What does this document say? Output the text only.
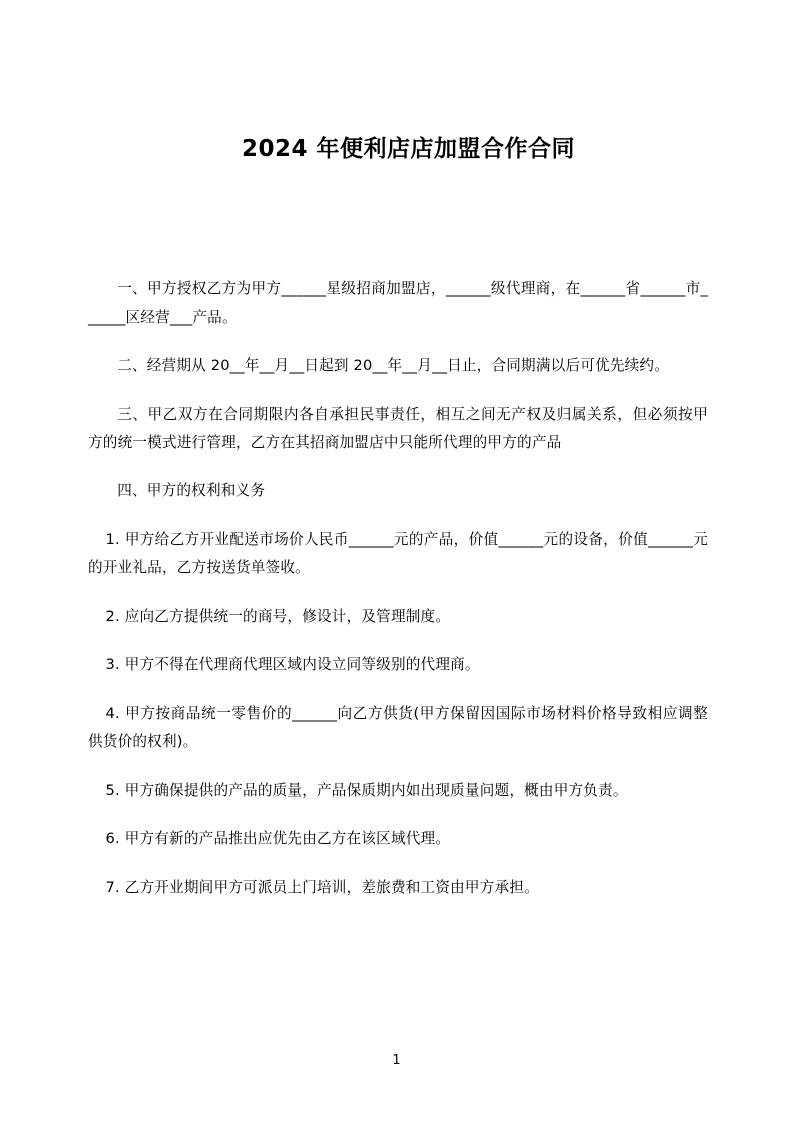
2024 年便利店店加盟合作合同

一、甲方授权乙方为甲方______星级招商加盟店，______级代理商，在______省______市______区经营___产品。

二、经营期从 20__年__月__日起到 20__年__月__日止，合同期满以后可优先续约。

三、甲乙双方在合同期限内各自承担民事责任，相互之间无产权及归属关系，但必须按甲方的统一模式进行管理，乙方在其招商加盟店中只能所代理的甲方的产品

四、甲方的权利和义务

1. 甲方给乙方开业配送市场价人民币______元的产品，价值______元的设备，价值______元的开业礼品，乙方按送货单签收。

2. 应向乙方提供统一的商号，修设计，及管理制度。

3. 甲方不得在代理商代理区域内设立同等级别的代理商。

4. 甲方按商品统一零售价的______向乙方供货(甲方保留因国际市场材料价格导致相应调整供货价的权利)。

5. 甲方确保提供的产品的质量，产品保质期内如出现质量问题，概由甲方负责。

6. 甲方有新的产品推出应优先由乙方在该区域代理。

7. 乙方开业期间甲方可派员上门培训，差旅费和工资由甲方承担。

1
